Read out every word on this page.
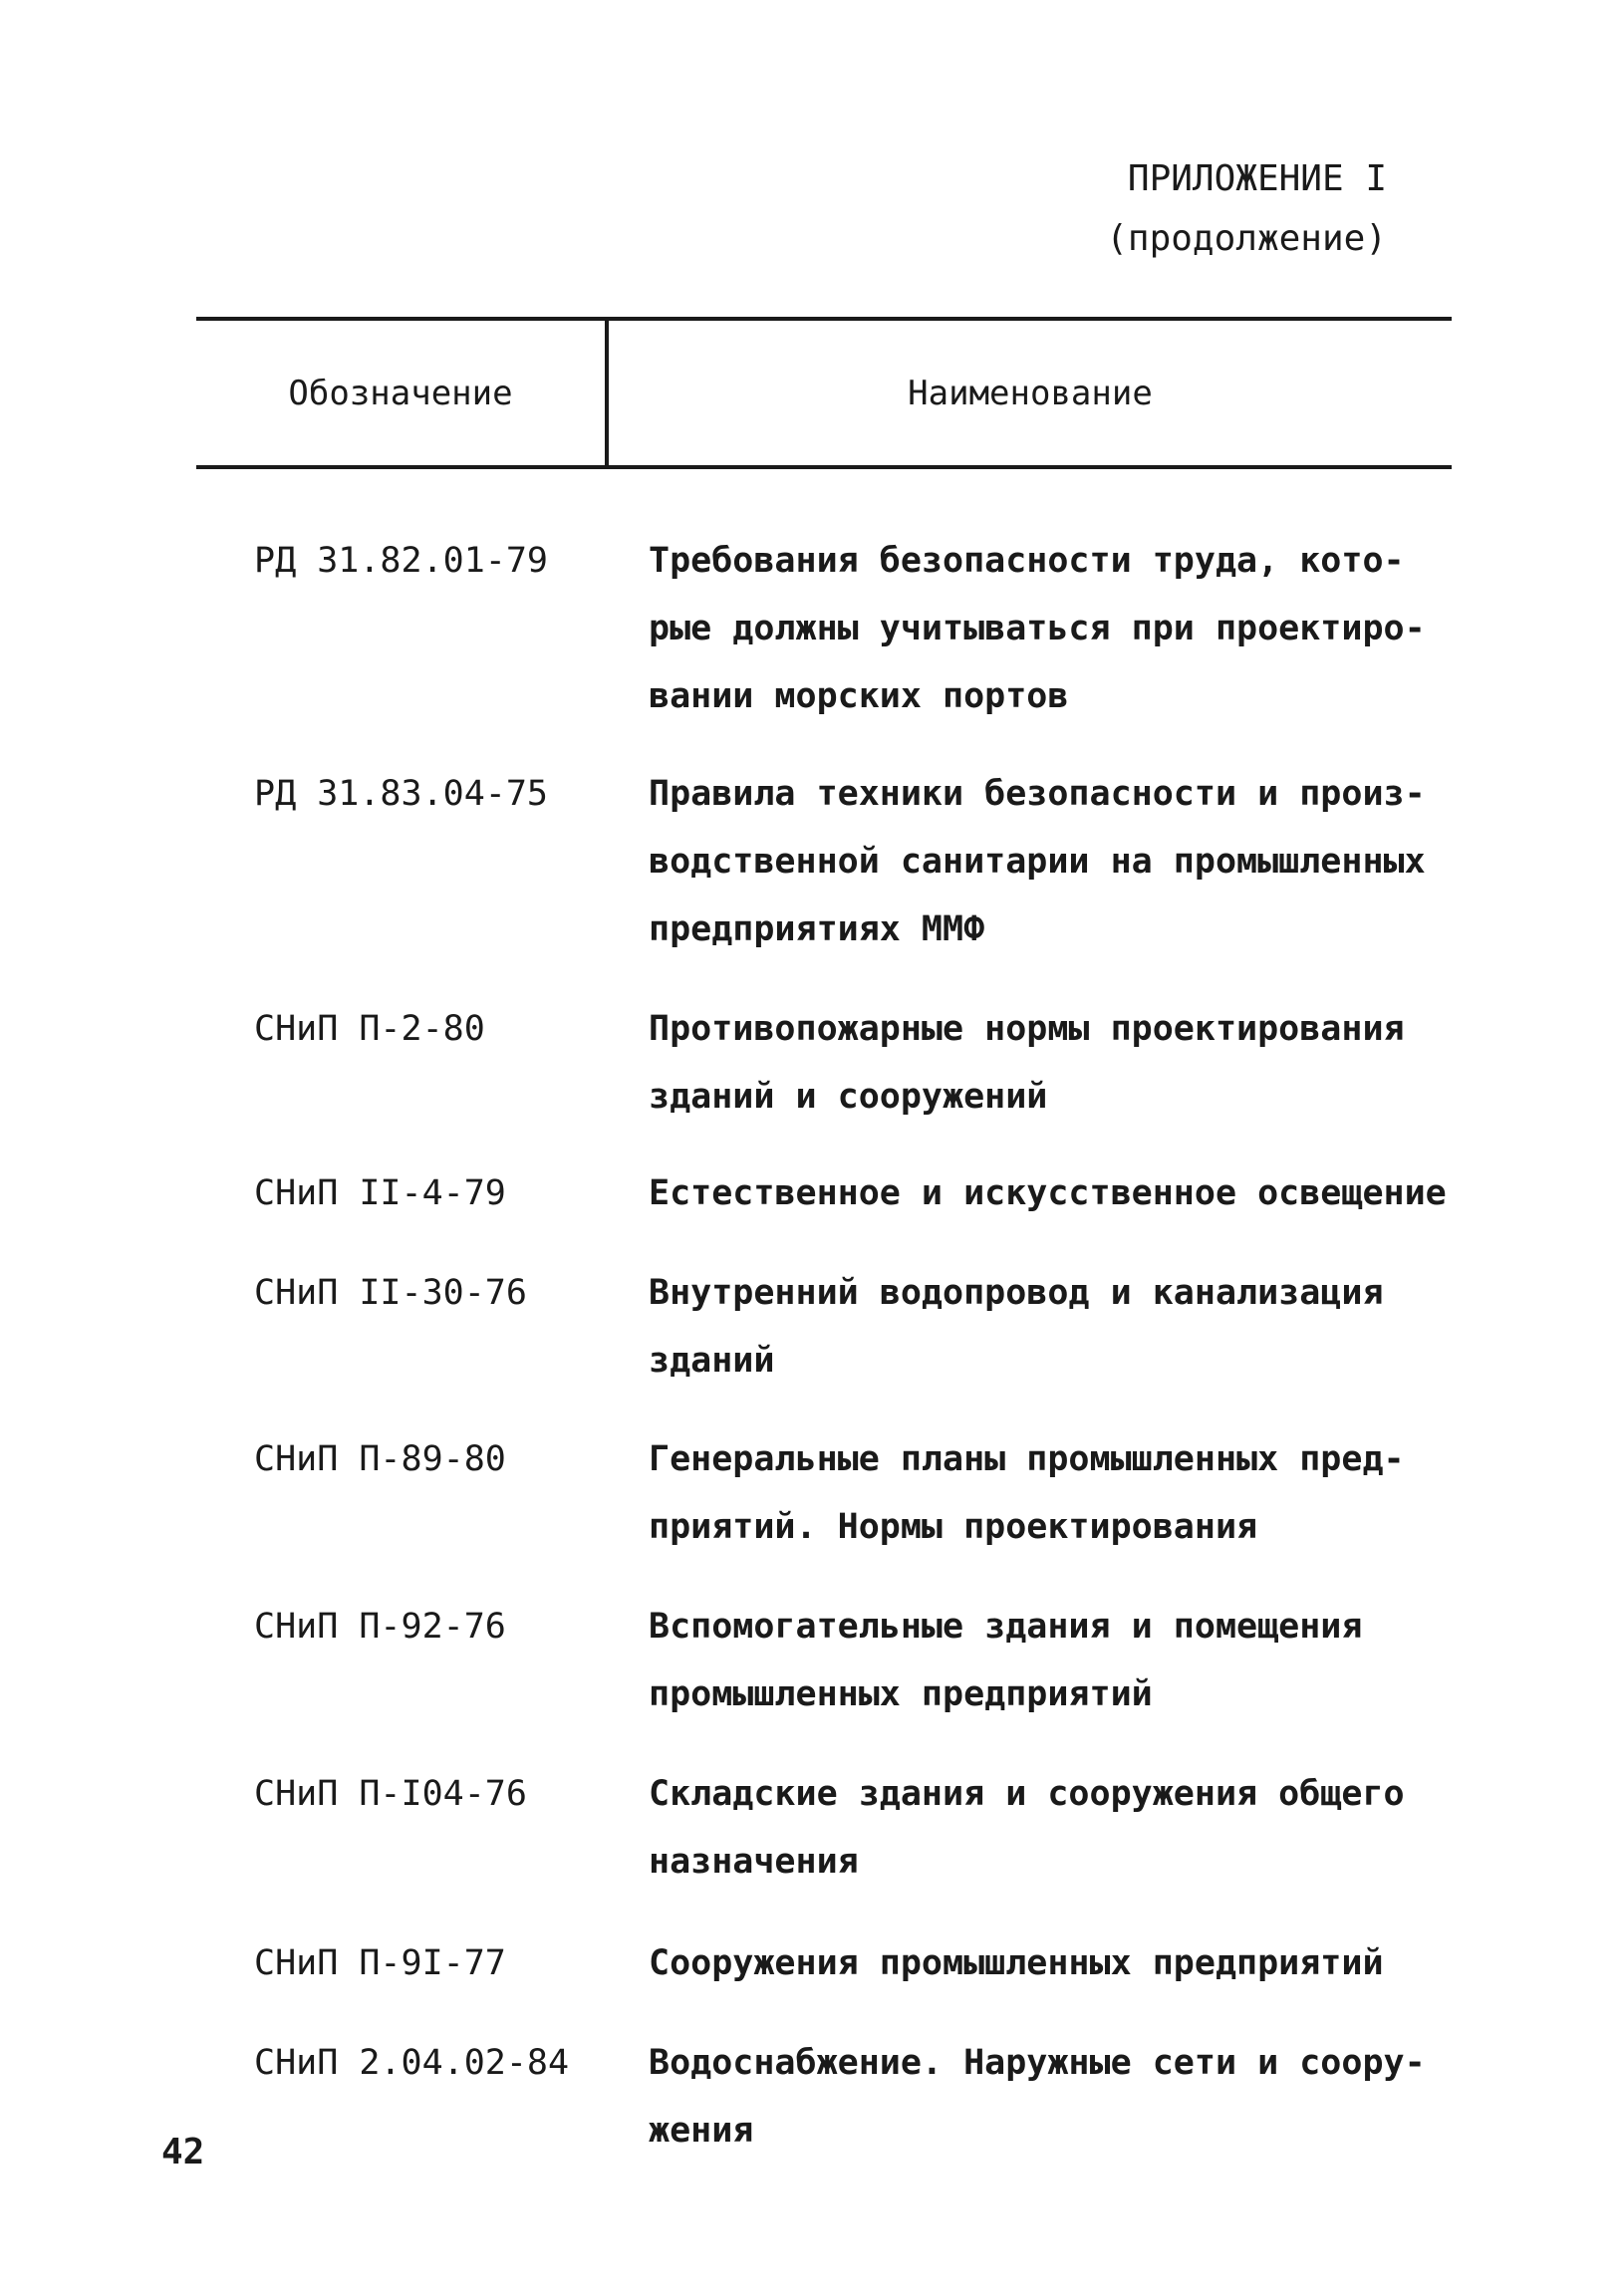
ПРИЛОЖЕНИЕ I
(продолжение)
Обозначение	Наименование
РД 31.82.01-79	Требования безопасности труда, кото-
рые должны учитываться при проектиро-
вании морских портов
РД 31.83.04-75	Правила техники безопасности и произ-
водственной санитарии на промышленных
предприятиях ММФ
СНиП П-2-80	Противопожарные нормы проектирования
зданий и сооружений
СНиП II-4-79	Естественное и искусственное освещение
СНиП II-30-76	Внутренний водопровод и канализация
зданий
СНиП П-89-80	Генеральные планы промышленных пред-
приятий. Нормы проектирования
СНиП П-92-76	Вспомогательные здания и помещения
промышленных предприятий
СНиП П-I04-76	Складские здания и сооружения общего
назначения
СНиП П-9I-77	Сооружения промышленных предприятий
СНиП 2.04.02-84	Водоснабжение. Наружные сети и соору-
жения
42
